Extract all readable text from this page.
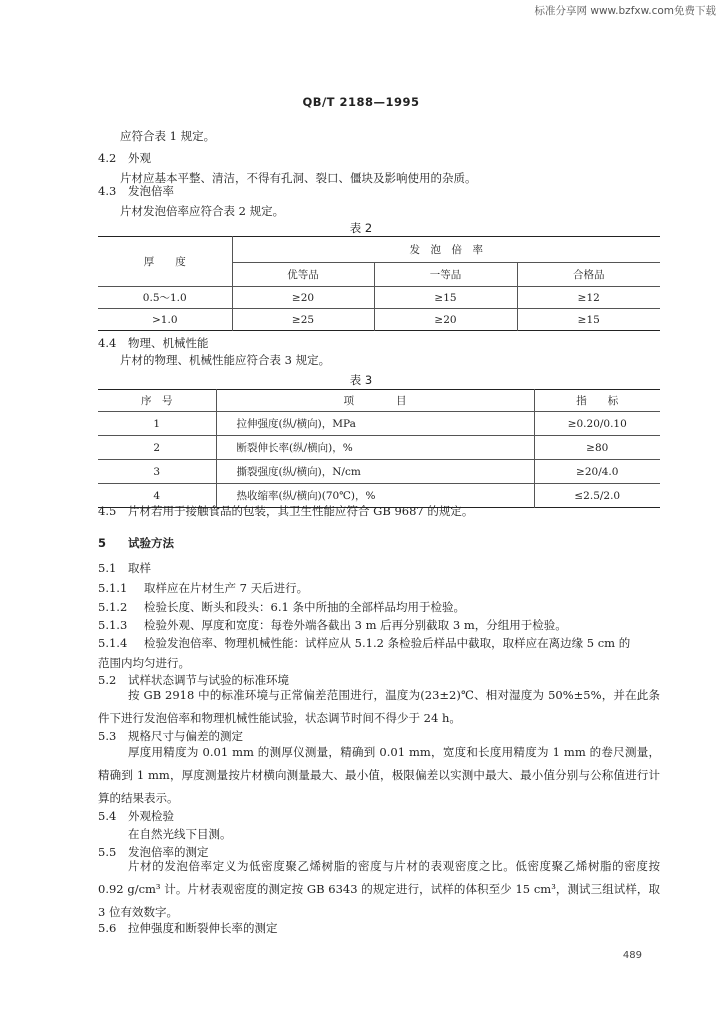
标准分享网 www.bzfxw.com免费下载
QB/T 2188—1995
应符合表 1 规定。
4.2 外观
片材应基本平整、清洁，不得有孔洞、裂口、僵块及影响使用的杂质。
4.3 发泡倍率
片材发泡倍率应符合表 2 规定。
表 2
厚　　度	发　泡　倍　率		
	优等品	一等品	合格品
0.5～1.0	≥20	≥15	≥12
>1.0	≥25	≥20	≥15
4.4 物理、机械性能
片材的物理、机械性能应符合表 3 规定。
表 3
序　号	项　　　　目	指　　标
1	拉伸强度(纵/横向)，MPa	≥0.20/0.10
2	断裂伸长率(纵/横向)，%	≥80
3	撕裂强度(纵/横向)，N/cm	≥20/4.0
4	热收缩率(纵/横向)(70℃)，%	≤2.5/2.0
4.5 片材若用于接触食品的包装，其卫生性能应符合 GB 9687 的规定。
5 试验方法
5.1 取样
5.1.1 取样应在片材生产 7 天后进行。
5.1.2 检验长度、断头和段头：6.1 条中所抽的全部样品均用于检验。
5.1.3 检验外观、厚度和宽度：每卷外端各截出 3 m 后再分别截取 3 m，分组用于检验。
5.1.4 检验发泡倍率、物理机械性能：试样应从 5.1.2 条检验后样品中截取，取样应在离边缘 5 cm 的
范围内均匀进行。
5.2 试样状态调节与试验的标准环境
按 GB 2918 中的标准环境与正常偏差范围进行，温度为(23±2)℃、相对湿度为 50%±5%，并在此条件下进行发泡倍率和物理机械性能试验，状态调节时间不得少于 24 h。
5.3 规格尺寸与偏差的测定
厚度用精度为 0.01 mm 的测厚仪测量，精确到 0.01 mm，宽度和长度用精度为 1 mm 的卷尺测量，精确到 1 mm，厚度测量按片材横向测量最大、最小值，极限偏差以实测中最大、最小值分别与公称值进行计算的结果表示。
5.4 外观检验
在自然光线下目测。
5.5 发泡倍率的测定
片材的发泡倍率定义为低密度聚乙烯树脂的密度与片材的表观密度之比。低密度聚乙烯树脂的密度按 0.92 g/cm³ 计。片材表观密度的测定按 GB 6343 的规定进行，试样的体积至少 15 cm³，测试三组试样，取 3 位有效数字。
5.6 拉伸强度和断裂伸长率的测定
489
